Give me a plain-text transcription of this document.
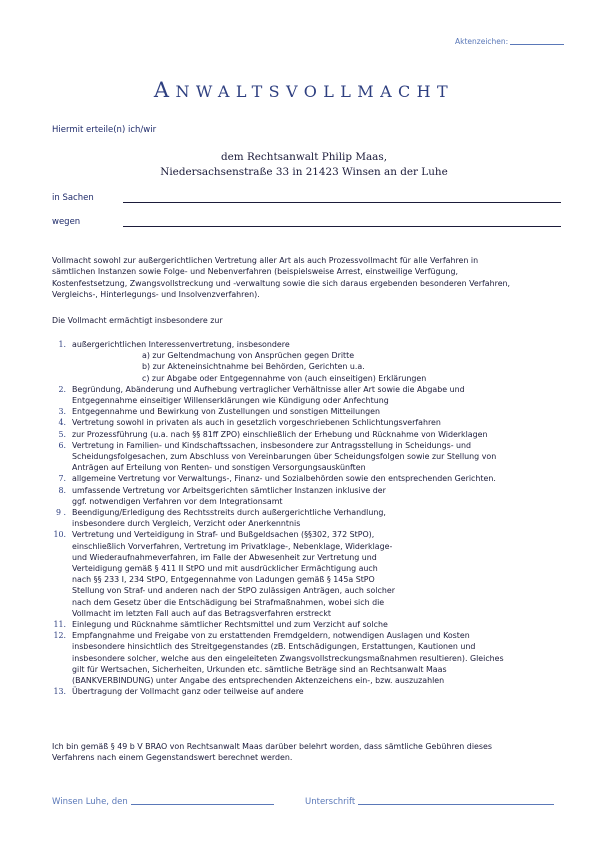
Aktenzeichen:
ANWALTSVOLLMACHT
Hiermit erteile(n) ich/wir
dem Rechtsanwalt Philip Maas,
Niedersachsenstraße 33 in 21423 Winsen an der Luhe
in Sachen
wegen
Vollmacht sowohl zur außergerichtlichen Vertretung aller Art als auch Prozessvollmacht für alle Verfahren in
sämtlichen Instanzen sowie Folge- und Nebenverfahren (beispielsweise Arrest, einstweilige Verfügung,
Kostenfestsetzung, Zwangsvollstreckung und -verwaltung sowie die sich daraus ergebenden besonderen Verfahren,
Vergleichs-, Hinterlegungs- und Insolvenzverfahren).
Die Vollmacht ermächtigt insbesondere zur
1. außergerichtlichen Interessenvertretung, insbesondere
a) zur Geltendmachung von Ansprüchen gegen Dritte
b) zur Akteneinsichtnahme bei Behörden, Gerichten u.a.
c) zur Abgabe oder Entgegennahme von (auch einseitigen) Erklärungen
2. Begründung, Abänderung und Aufhebung vertraglicher Verhältnisse aller Art sowie die Abgabe und
Entgegennahme einseitiger Willenserklärungen wie Kündigung oder Anfechtung
3. Entgegennahme und Bewirkung von Zustellungen und sonstigen Mitteilungen
4. Vertretung sowohl in privaten als auch in gesetzlich vorgeschriebenen Schlichtungsverfahren
5. zur Prozessführung (u.a. nach §§ 81ff ZPO) einschließlich der Erhebung und Rücknahme von Widerklagen
6. Vertretung in Familien- und Kindschaftssachen, insbesondere zur Antragsstellung in Scheidungs- und
Scheidungsfolgesachen, zum Abschluss von Vereinbarungen über Scheidungsfolgen sowie zur Stellung von
Anträgen auf Erteilung von Renten- und sonstigen Versorgungsauskünften
7. allgemeine Vertretung vor Verwaltungs-, Finanz- und Sozialbehörden sowie den entsprechenden Gerichten.
8. umfassende Vertretung vor Arbeitsgerichten sämtlicher Instanzen inklusive der
ggf. notwendigen Verfahren vor dem Integrationsamt
9 . Beendigung/Erledigung des Rechtsstreits durch außergerichtliche Verhandlung,
insbesondere durch Vergleich, Verzicht oder Anerkenntnis
10. Vertretung und Verteidigung in Straf- und Bußgeldsachen (§§302, 372 StPO),
einschließlich Vorverfahren, Vertretung im Privatklage-, Nebenklage, Widerklage-
und Wiederaufnahmeverfahren, im Falle der Abwesenheit zur Vertretung und
Verteidigung gemäß § 411 II StPO und mit ausdrücklicher Ermächtigung auch
nach §§ 233 I, 234 StPO, Entgegennahme von Ladungen gemäß § 145a StPO
Stellung von Straf- und anderen nach der StPO zulässigen Anträgen, auch solcher
nach dem Gesetz über die Entschädigung bei Strafmaßnahmen, wobei sich die
Vollmacht im letzten Fall auch auf das Betragsverfahren erstreckt
11. Einlegung und Rücknahme sämtlicher Rechtsmittel und zum Verzicht auf solche
12. Empfangnahme und Freigabe von zu erstattenden Fremdgeldern, notwendigen Auslagen und Kosten
insbesondere hinsichtlich des Streitgegenstandes (zB. Entschädigungen, Erstattungen, Kautionen und
insbesondere solcher, welche aus den eingeleiteten Zwangsvollstreckungsmaßnahmen resultieren). Gleiches
gilt für Wertsachen, Sicherheiten, Urkunden etc. sämtliche Beträge sind an Rechtsanwalt Maas
(BANKVERBINDUNG) unter Angabe des entsprechenden Aktenzeichens ein-, bzw. auszuzahlen
13. Übertragung der Vollmacht ganz oder teilweise auf andere
Ich bin gemäß § 49 b V BRAO von Rechtsanwalt Maas darüber belehrt worden, dass sämtliche Gebühren dieses
Verfahrens nach einem Gegenstandswert berechnet werden.
Winsen Luhe, den	Unterschrift
